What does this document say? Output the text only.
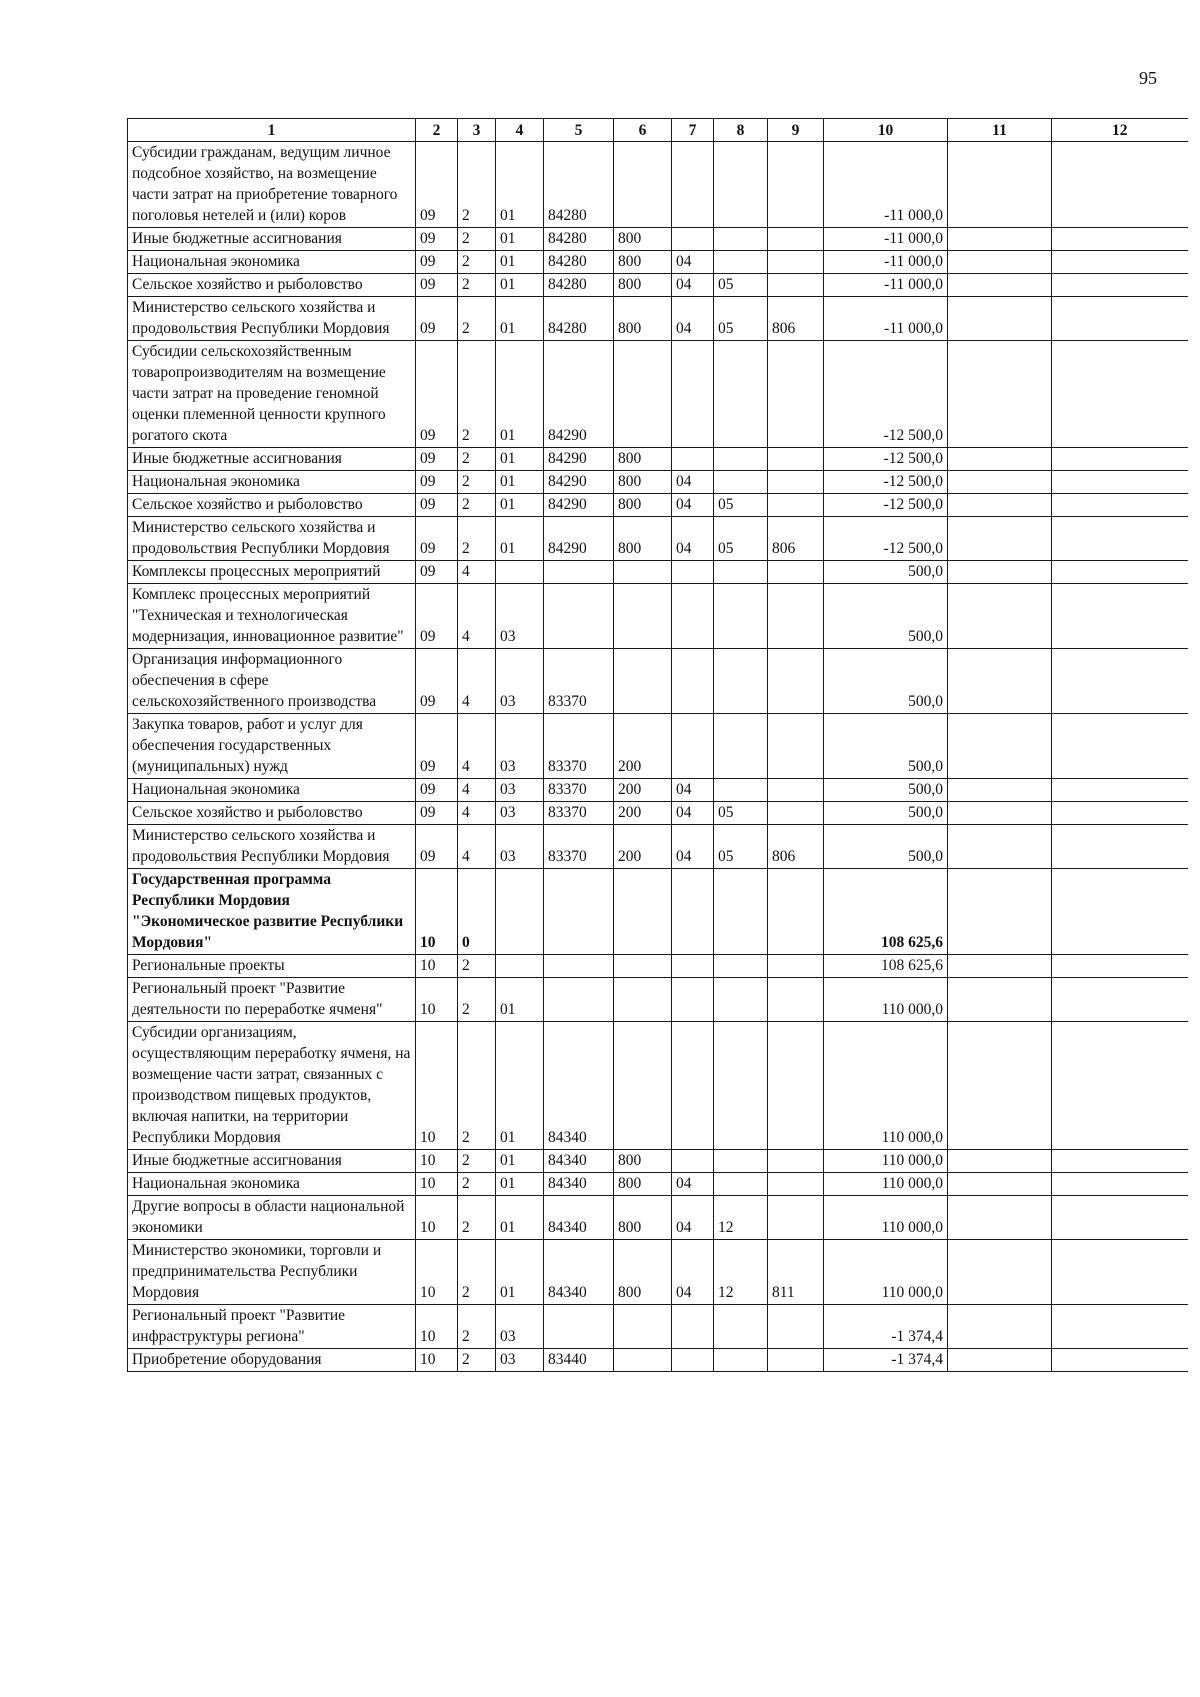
95
1	2	3	4	5	6	7	8	9	10	11	12
Субсидии гражданам, ведущим личное подсобное хозяйство, на возмещение части затрат на приобретение товарного поголовья нетелей и (или) коров	09	2	01	84280					-11 000,0		
Иные бюджетные ассигнования	09	2	01	84280	800				-11 000,0		
Национальная экономика	09	2	01	84280	800	04			-11 000,0		
Сельское хозяйство и рыболовство	09	2	01	84280	800	04	05		-11 000,0		
Министерство сельского хозяйства и продовольствия Республики Мордовия	09	2	01	84280	800	04	05	806	-11 000,0		
Субсидии сельскохозяйственным товаропроизводителям на возмещение части затрат на проведение геномной оценки племенной ценности крупного рогатого скота	09	2	01	84290					-12 500,0		
Иные бюджетные ассигнования	09	2	01	84290	800				-12 500,0		
Национальная экономика	09	2	01	84290	800	04			-12 500,0		
Сельское хозяйство и рыболовство	09	2	01	84290	800	04	05		-12 500,0		
Министерство сельского хозяйства и продовольствия Республики Мордовия	09	2	01	84290	800	04	05	806	-12 500,0		
Комплексы процессных мероприятий	09	4							500,0		
Комплекс процессных мероприятий "Техническая и технологическая модернизация, инновационное развитие"	09	4	03						500,0		
Организация информационного обеспечения в сфере сельскохозяйственного производства	09	4	03	83370					500,0		
Закупка товаров, работ и услуг для обеспечения государственных (муниципальных) нужд	09	4	03	83370	200				500,0		
Национальная экономика	09	4	03	83370	200	04			500,0		
Сельское хозяйство и рыболовство	09	4	03	83370	200	04	05		500,0		
Министерство сельского хозяйства и продовольствия Республики Мордовия	09	4	03	83370	200	04	05	806	500,0		
Государственная программа Республики Мордовия "Экономическое развитие Республики Мордовия"	10	0							108 625,6		
Региональные проекты	10	2							108 625,6		
Региональный проект "Развитие деятельности по переработке ячменя"	10	2	01						110 000,0		
Субсидии организациям, осуществляющим переработку ячменя, на возмещение части затрат, связанных с производством пищевых продуктов, включая напитки, на территории Республики Мордовия	10	2	01	84340					110 000,0		
Иные бюджетные ассигнования	10	2	01	84340	800				110 000,0		
Национальная экономика	10	2	01	84340	800	04			110 000,0		
Другие вопросы в области национальной экономики	10	2	01	84340	800	04	12		110 000,0		
Министерство экономики, торговли и предпринимательства Республики Мордовия	10	2	01	84340	800	04	12	811	110 000,0		
Региональный проект "Развитие инфраструктуры региона"	10	2	03						-1 374,4		
Приобретение оборудования	10	2	03	83440					-1 374,4		
